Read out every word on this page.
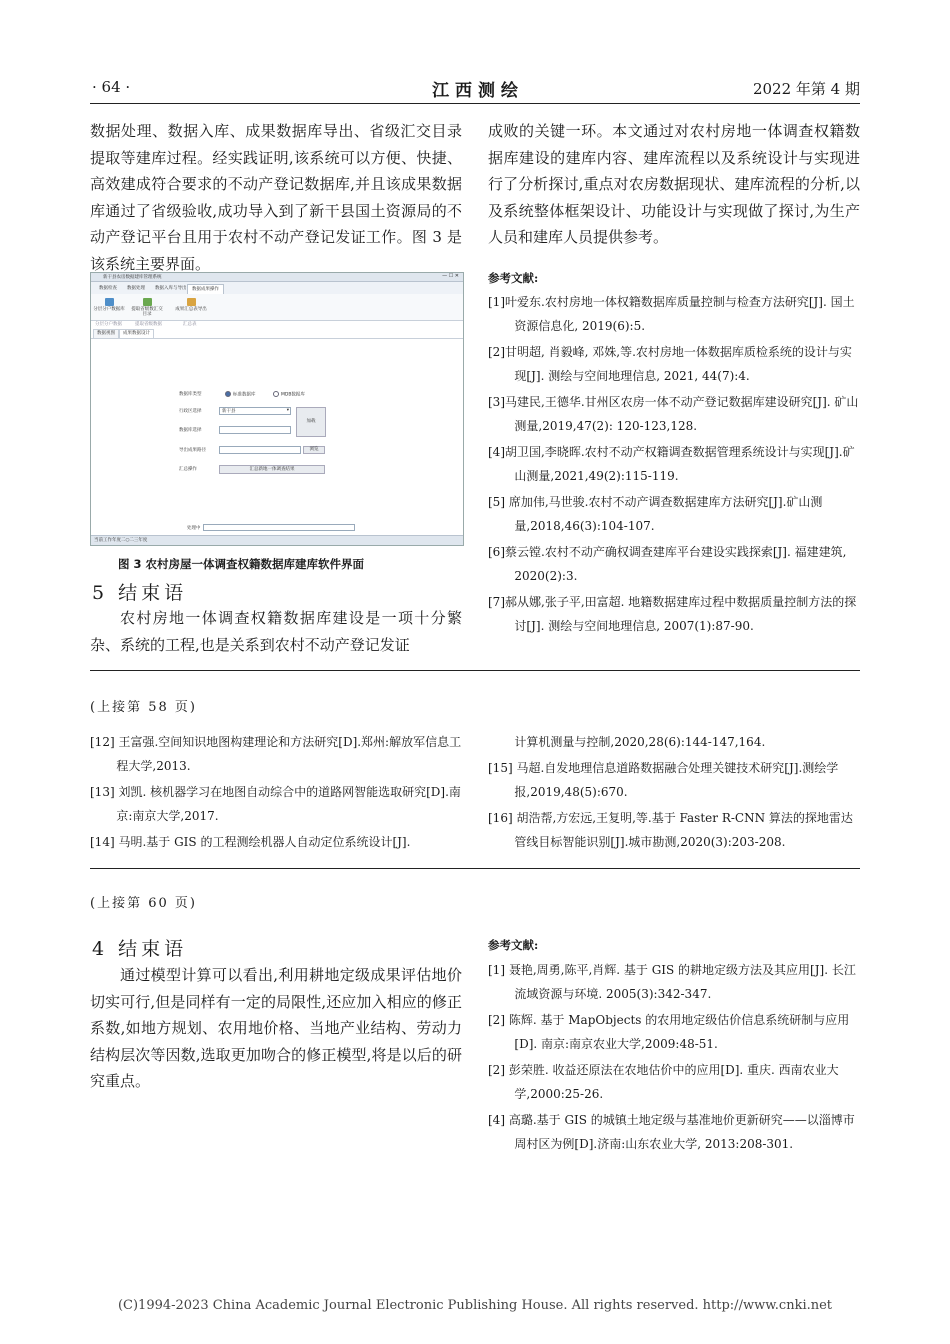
· 64 ·	江 西 测 绘	2022 年第 4 期
数据处理、数据入库、成果数据库导出、省级汇交目录提取等建库过程。经实践证明,该系统可以方便、快捷、高效建成符合要求的不动产登记数据库,并且该成果数据库通过了省级验收,成功导入到了新干县国土资源局的不动产登记平台且用于农村不动产登记发证工作。图 3 是该系统主要界面。
新干县农房数据建库管理系统	— ☐ ✕
数据检查	数据处理	数据入库与导出	数据成果操作
分层分户数据库 提取省级数汇交目录
成果汇总表导出
分层分户数据	提取省级数据	汇总表
数据视图	成果数据设计
数据库类型	标准数据库	MDB数据库
行政区选择	新干县	▾
加载
数据库选择
导出成果路径	浏览
汇总操作	汇总新地一体调查结果
处理中
当前工作年度二○二三年度
图 3 农村房屋一体调查权籍数据库建库软件界面
5 结束语
农村房地一体调查权籍数据库建设是一项十分繁杂、系统的工程,也是关系到农村不动产登记发证
成败的关键一环。本文通过对农村房地一体调查权籍数据库建设的建库内容、建库流程以及系统设计与实现进行了分析探讨,重点对农房数据现状、建库流程的分析,以及系统整体框架设计、功能设计与实现做了探讨,为生产人员和建库人员提供参考。
参考文献:
[1]叶爱东.农村房地一体权籍数据库质量控制与检查方法研究[J]. 国土资源信息化, 2019(6):5.
[2]甘明超, 肖毅峰, 邓姝,等.农村房地一体数据库质检系统的设计与实现[J]. 测绘与空间地理信息, 2021, 44(7):4.
[3]马建民,王德华.甘州区农房一体不动产登记数据库建设研究[J]. 矿山测量,2019,47(2): 120-123,128.
[4]胡卫国,李晓晖.农村不动产权籍调查数据管理系统设计与实现[J].矿山测量,2021,49(2):115-119.
[5] 席加伟,马世骏.农村不动产调查数据建库方法研究[J].矿山测量,2018,46(3):104-107.
[6]蔡云镗.农村不动产确权调查建库平台建设实践探索[J]. 福建建筑, 2020(2):3.
[7]郝从娜,张子平,田富超. 地籍数据建库过程中数据质量控制方法的探讨[J]. 测绘与空间地理信息, 2007(1):87-90.
(上接第 58 页)
[12] 王富强.空间知识地图构建理论和方法研究[D].郑州:解放军信息工程大学,2013.
[13] 刘凯. 核机器学习在地图自动综合中的道路网智能选取研究[D].南京:南京大学,2017.
[14] 马明.基于 GIS 的工程测绘机器人自动定位系统设计[J].
计算机测量与控制,2020,28(6):144-147,164.
[15] 马超.自发地理信息道路数据融合处理关键技术研究[J].测绘学报,2019,48(5):670.
[16] 胡浩帮,方宏远,王复明,等.基于 Faster R-CNN 算法的探地雷达管线目标智能识别[J].城市勘测,2020(3):203-208.
(上接第 60 页)
4 结束语
通过模型计算可以看出,利用耕地定级成果评估地价切实可行,但是同样有一定的局限性,还应加入相应的修正系数,如地方规划、农用地价格、当地产业结构、劳动力结构层次等因数,选取更加吻合的修正模型,将是以后的研究重点。
参考文献:
[1] 聂艳,周勇,陈平,肖辉. 基于 GIS 的耕地定级方法及其应用[J]. 长江流域资源与环境. 2005(3):342-347.
[2] 陈辉. 基于 MapObjects 的农用地定级估价信息系统研制与应用[D]. 南京:南京农业大学,2009:48-51.
[2] 彭荣胜. 收益还原法在农地估价中的应用[D]. 重庆. 西南农业大学,2000:25-26.
[4] 高璐.基于 GIS 的城镇土地定级与基准地价更新研究——以淄博市周村区为例[D].济南:山东农业大学, 2013:208-301.
(C)1994-2023 China Academic Journal Electronic Publishing House. All rights reserved. http://www.cnki.net
